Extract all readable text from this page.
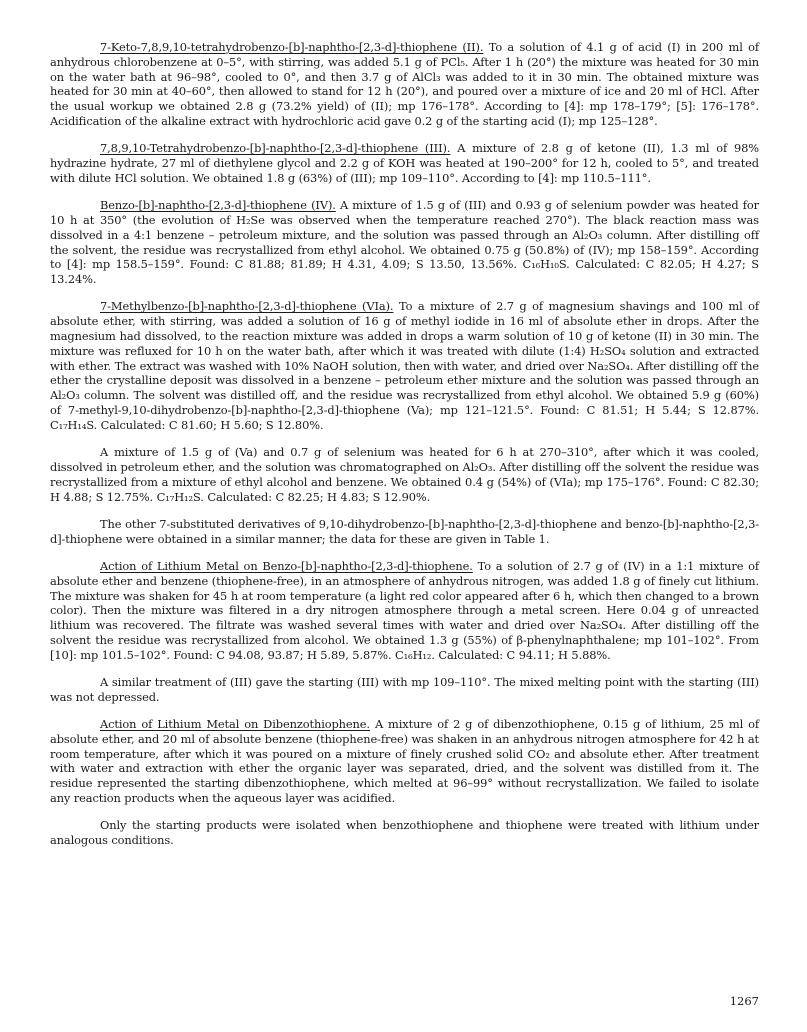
7-Keto-7,8,9,10-tetrahydrobenzo-[b]-naphtho-[2,3-d]-thiophene (II). To a solution of 4.1 g of acid (I) in 200 ml of anhydrous chlorobenzene at 0–5°, with stirring, was added 5.1 g of PCl₅. After 1 h (20°) the mixture was heated for 30 min on the water bath at 96–98°, cooled to 0°, and then 3.7 g of AlCl₃ was added to it in 30 min. The obtained mixture was heated for 30 min at 40–60°, then allowed to stand for 12 h (20°), and poured over a mixture of ice and 20 ml of HCl. After the usual workup we obtained 2.8 g (73.2% yield) of (II); mp 176–178°. According to [4]: mp 178–179°; [5]: 176–178°. Acidification of the alkaline extract with hydrochloric acid gave 0.2 g of the starting acid (I); mp 125–128°.

7,8,9,10-Tetrahydrobenzo-[b]-naphtho-[2,3-d]-thiophene (III). A mixture of 2.8 g of ketone (II), 1.3 ml of 98% hydrazine hydrate, 27 ml of diethylene glycol and 2.2 g of KOH was heated at 190–200° for 12 h, cooled to 5°, and treated with dilute HCl solution. We obtained 1.8 g (63%) of (III); mp 109–110°. According to [4]: mp 110.5–111°.

Benzo-[b]-naphtho-[2,3-d]-thiophene (IV). A mixture of 1.5 g of (III) and 0.93 g of selenium powder was heated for 10 h at 350° (the evolution of H₂Se was observed when the temperature reached 270°). The black reaction mass was dissolved in a 4:1 benzene – petroleum mixture, and the solution was passed through an Al₂O₃ column. After distilling off the solvent, the residue was recrystallized from ethyl alcohol. We obtained 0.75 g (50.8%) of (IV); mp 158–159°. According to [4]: mp 158.5–159°. Found: C 81.88; 81.89; H 4.31, 4.09; S 13.50, 13.56%. C₁₆H₁₀S. Calculated: C 82.05; H 4.27; S 13.24%.

7-Methylbenzo-[b]-naphtho-[2,3-d]-thiophene (VIa). To a mixture of 2.7 g of magnesium shavings and 100 ml of absolute ether, with stirring, was added a solution of 16 g of methyl iodide in 16 ml of absolute ether in drops. After the magnesium had dissolved, to the reaction mixture was added in drops a warm solution of 10 g of ketone (II) in 30 min. The mixture was refluxed for 10 h on the water bath, after which it was treated with dilute (1:4) H₂SO₄ solution and extracted with ether. The extract was washed with 10% NaOH solution, then with water, and dried over Na₂SO₄. After distilling off the ether the crystalline deposit was dissolved in a benzene – petroleum ether mixture and the solution was passed through an Al₂O₃ column. The solvent was distilled off, and the residue was recrystallized from ethyl alcohol. We obtained 5.9 g (60%) of 7-methyl-9,10-dihydrobenzo-[b]-naphtho-[2,3-d]-thiophene (Va); mp 121–121.5°. Found: C 81.51; H 5.44; S 12.87%. C₁₇H₁₄S. Calculated: C 81.60; H 5.60; S 12.80%.

A mixture of 1.5 g of (Va) and 0.7 g of selenium was heated for 6 h at 270–310°, after which it was cooled, dissolved in petroleum ether, and the solution was chromatographed on Al₂O₃. After distilling off the solvent the residue was recrystallized from a mixture of ethyl alcohol and benzene. We obtained 0.4 g (54%) of (VIa); mp 175–176°. Found: C 82.30; H 4.88; S 12.75%. C₁₇H₁₂S. Calculated: C 82.25; H 4.83; S 12.90%.

The other 7-substituted derivatives of 9,10-dihydrobenzo-[b]-naphtho-[2,3-d]-thiophene and benzo-[b]-naphtho-[2,3-d]-thiophene were obtained in a similar manner; the data for these are given in Table 1.

Action of Lithium Metal on Benzo-[b]-naphtho-[2,3-d]-thiophene. To a solution of 2.7 g of (IV) in a 1:1 mixture of absolute ether and benzene (thiophene-free), in an atmosphere of anhydrous nitrogen, was added 1.8 g of finely cut lithium. The mixture was shaken for 45 h at room temperature (a light red color appeared after 6 h, which then changed to a brown color). Then the mixture was filtered in a dry nitrogen atmosphere through a metal screen. Here 0.04 g of unreacted lithium was recovered. The filtrate was washed several times with water and dried over Na₂SO₄. After distilling off the solvent the residue was recrystallized from alcohol. We obtained 1.3 g (55%) of β-phenylnaphthalene; mp 101–102°. From [10]: mp 101.5–102°. Found: C 94.08, 93.87; H 5.89, 5.87%. C₁₆H₁₂. Calculated: C 94.11; H 5.88%.

A similar treatment of (III) gave the starting (III) with mp 109–110°. The mixed melting point with the starting (III) was not depressed.

Action of Lithium Metal on Dibenzothiophene. A mixture of 2 g of dibenzothiophene, 0.15 g of lithium, 25 ml of absolute ether, and 20 ml of absolute benzene (thiophene-free) was shaken in an anhydrous nitrogen atmosphere for 42 h at room temperature, after which it was poured on a mixture of finely crushed solid CO₂ and absolute ether. After treatment with water and extraction with ether the organic layer was separated, dried, and the solvent was distilled from it. The residue represented the starting dibenzothiophene, which melted at 96–99° without recrystallization. We failed to isolate any reaction products when the aqueous layer was acidified.

Only the starting products were isolated when benzothiophene and thiophene were treated with lithium under analogous conditions.

1267
